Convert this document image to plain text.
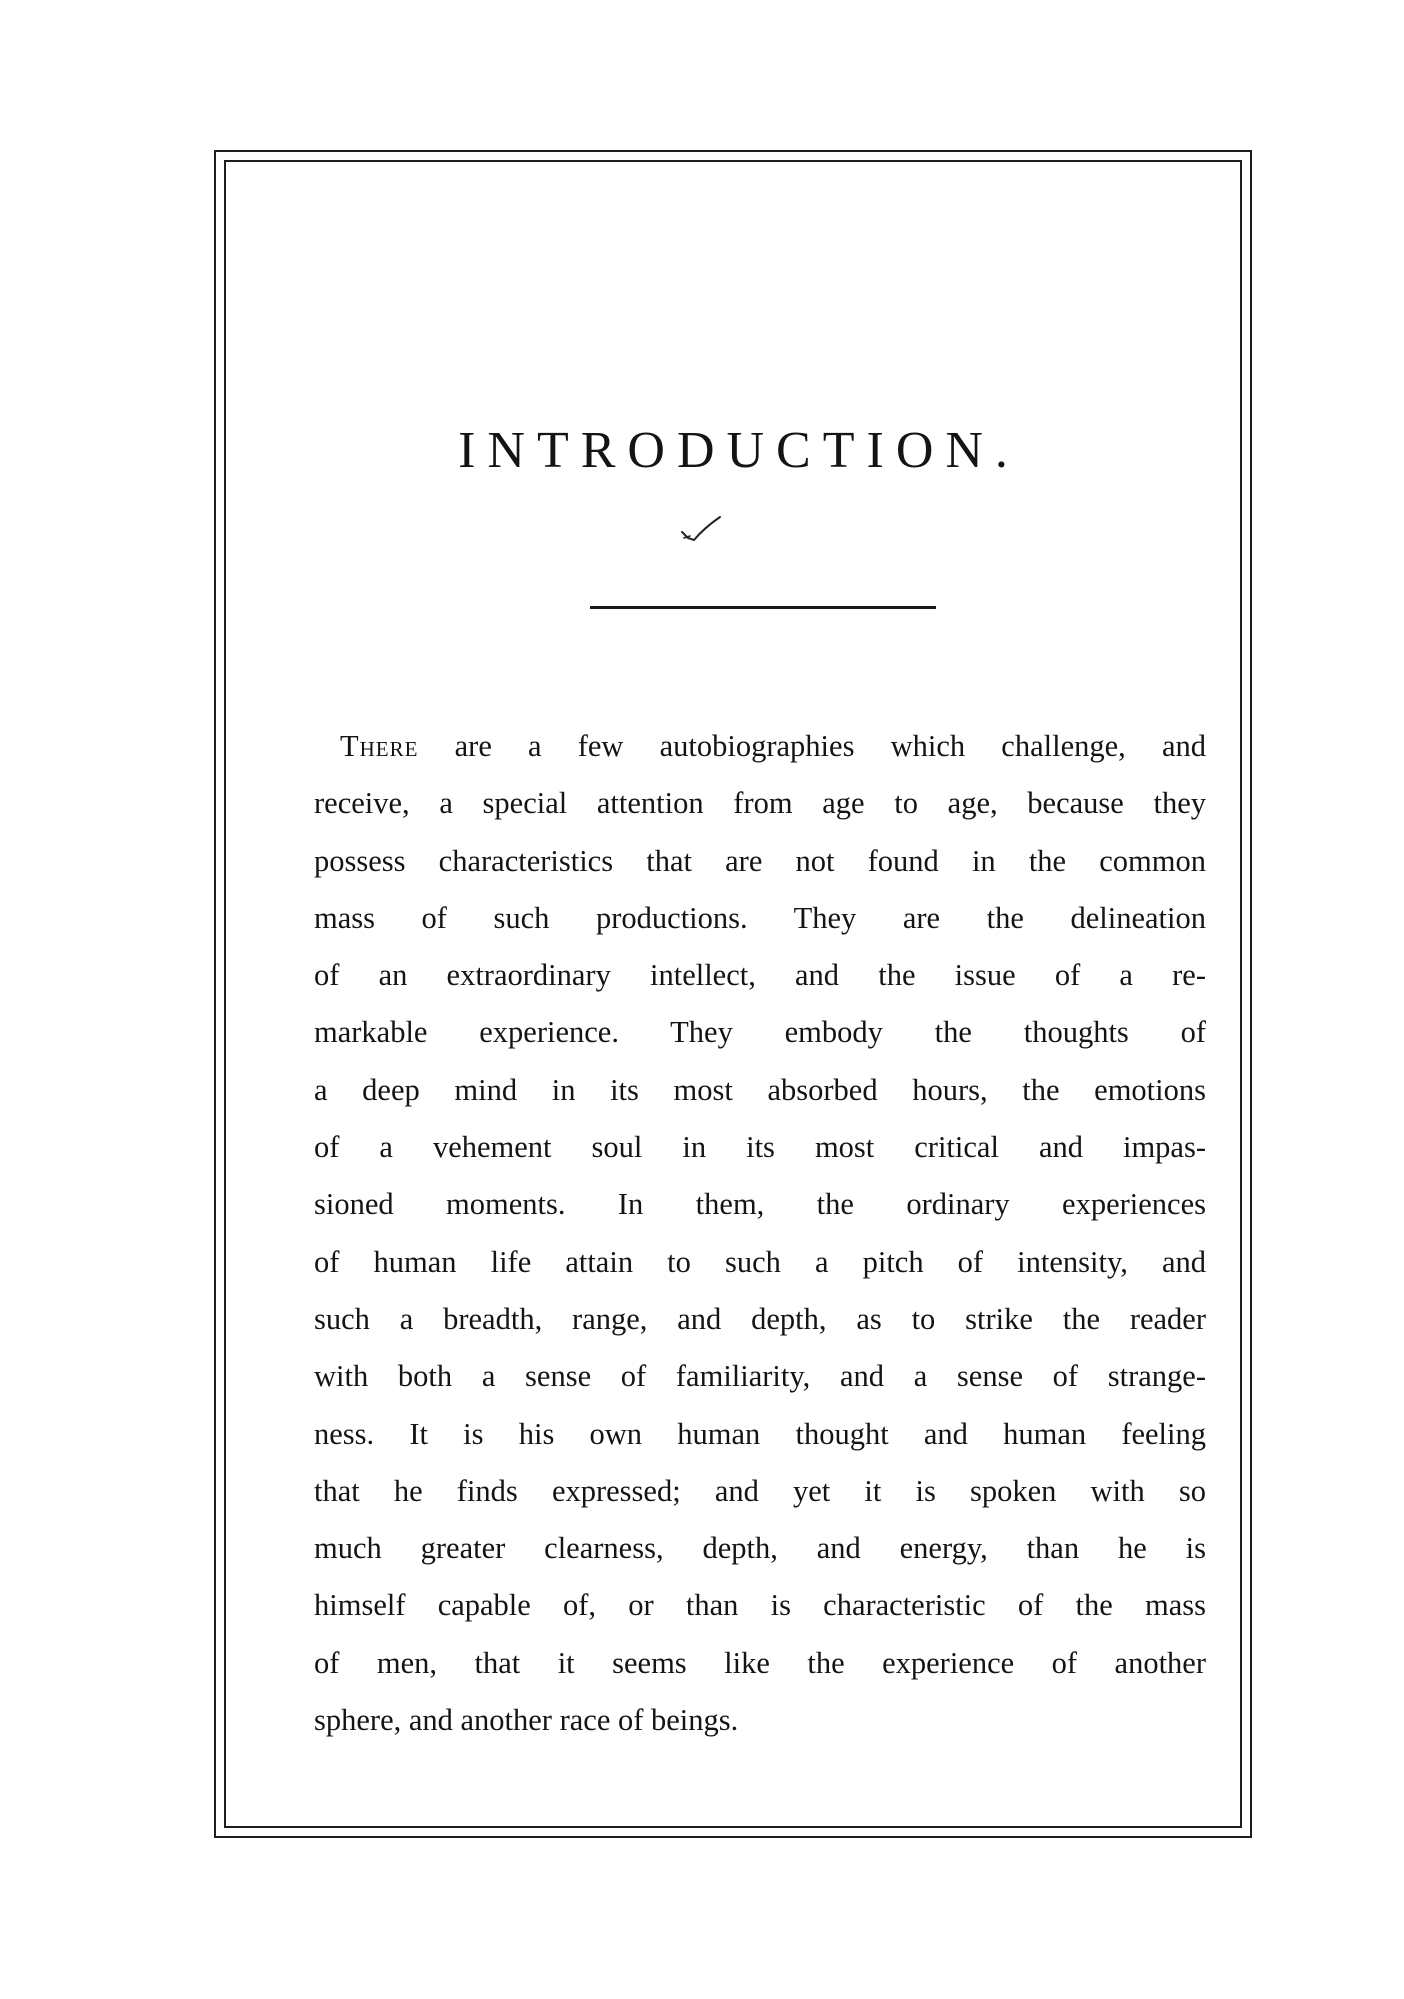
INTRODUCTION.
There are a few autobiographies which challenge, and
receive, a special attention from age to age, because they
possess characteristics that are not found in the common
mass of such productions. They are the delineation
of an extraordinary intellect, and the issue of a re-
markable experience. They embody the thoughts of
a deep mind in its most absorbed hours, the emotions
of a vehement soul in its most critical and impas-
sioned moments. In them, the ordinary experiences
of human life attain to such a pitch of intensity, and
such a breadth, range, and depth, as to strike the reader
with both a sense of familiarity, and a sense of strange-
ness. It is his own human thought and human feeling
that he finds expressed; and yet it is spoken with so
much greater clearness, depth, and energy, than he is
himself capable of, or than is characteristic of the mass
of men, that it seems like the experience of another
sphere, and another race of beings.
